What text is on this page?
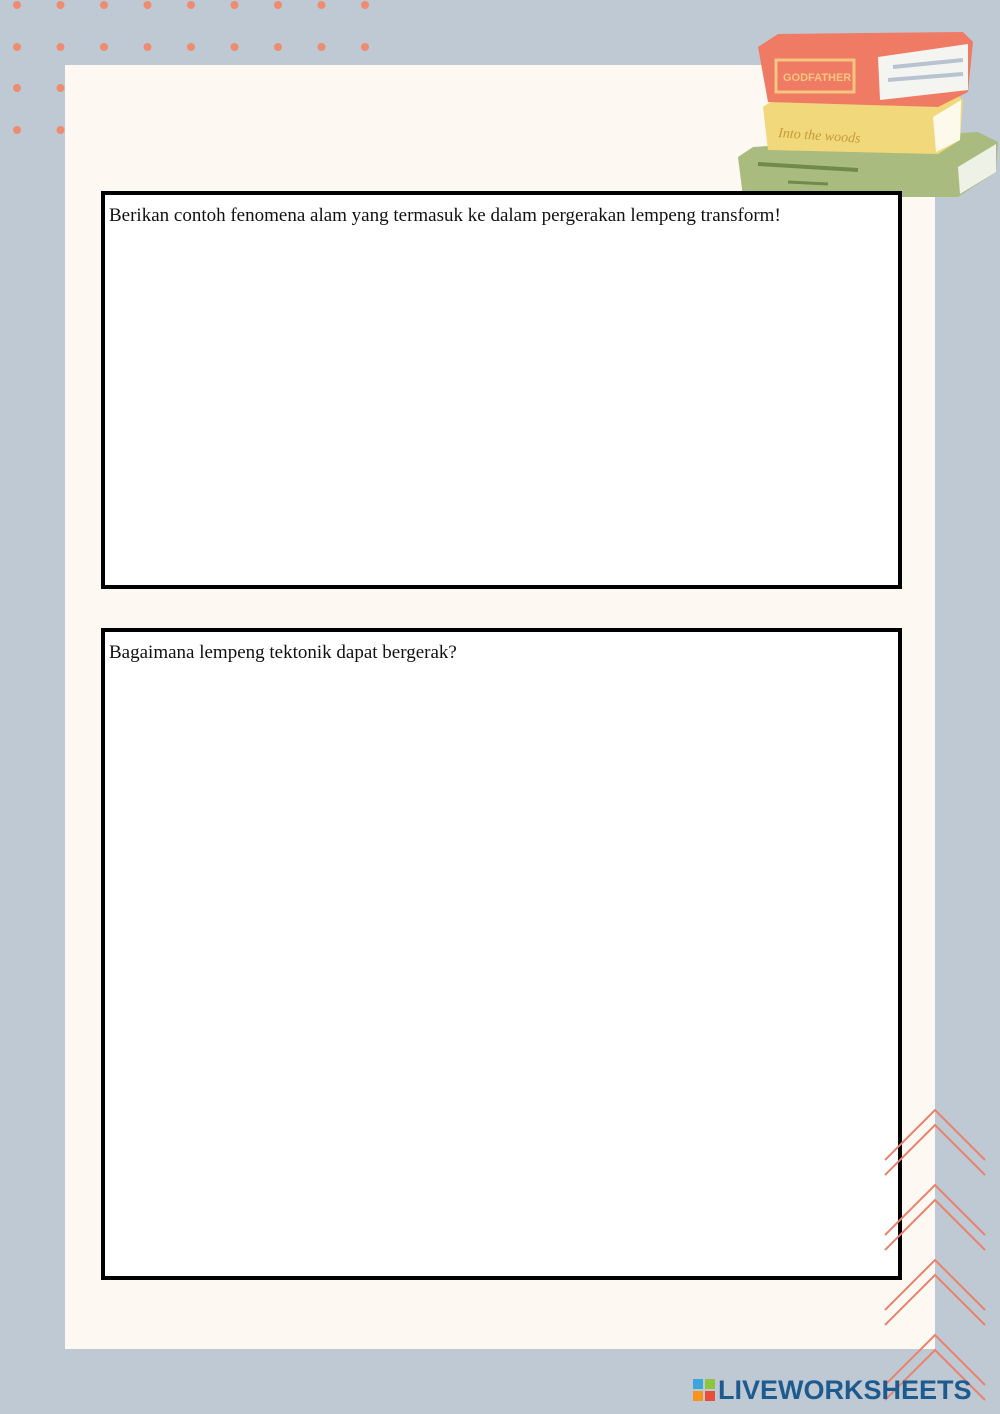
Into the woods
GODFATHER
Berikan contoh fenomena alam yang termasuk ke dalam pergerakan lempeng transform!
Bagaimana lempeng tektonik dapat bergerak?
LIVEWORKSHEETS
